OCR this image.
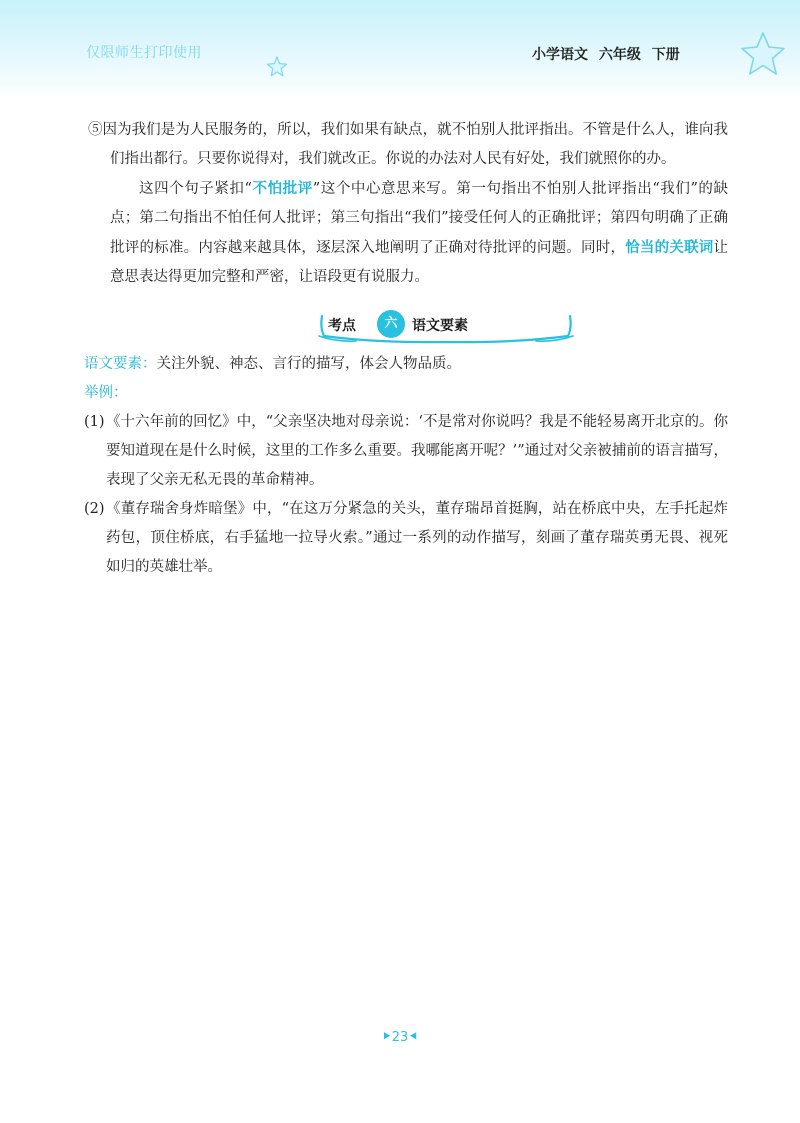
仅限师生打印使用	小学语文 六年级 下册

⑤因为我们是为人民服务的，所以，我们如果有缺点，就不怕别人批评指出。不管是什么人，谁向我们指出都行。只要你说得对，我们就改正。你说的办法对人民有好处，我们就照你的办。

这四个句子紧扣“不怕批评”这个中心意思来写。第一句指出不怕别人批评指出“我们”的缺点；第二句指出不怕任何人批评；第三句指出“我们”接受任何人的正确批评；第四句明确了正确批评的标准。内容越来越具体，逐层深入地阐明了正确对待批评的问题。同时，恰当的关联词让意思表达得更加完整和严密，让语段更有说服力。

考点	六	语文要素

语文要素：关注外貌、神态、言行的描写，体会人物品质。

举例：

(1) 《十六年前的回忆》中，“父亲坚决地对母亲说：‘不是常对你说吗？我是不能轻易离开北京的。你要知道现在是什么时候，这里的工作多么重要。我哪能离开呢？’”通过对父亲被捕前的语言描写，表现了父亲无私无畏的革命精神。
(2) 《董存瑞舍身炸暗堡》中，“在这万分紧急的关头，董存瑞昂首挺胸，站在桥底中央，左手托起炸药包，顶住桥底，右手猛地一拉导火索。”通过一系列的动作描写，刻画了董存瑞英勇无畏、视死如归的英雄壮举。
⯈23⯇
